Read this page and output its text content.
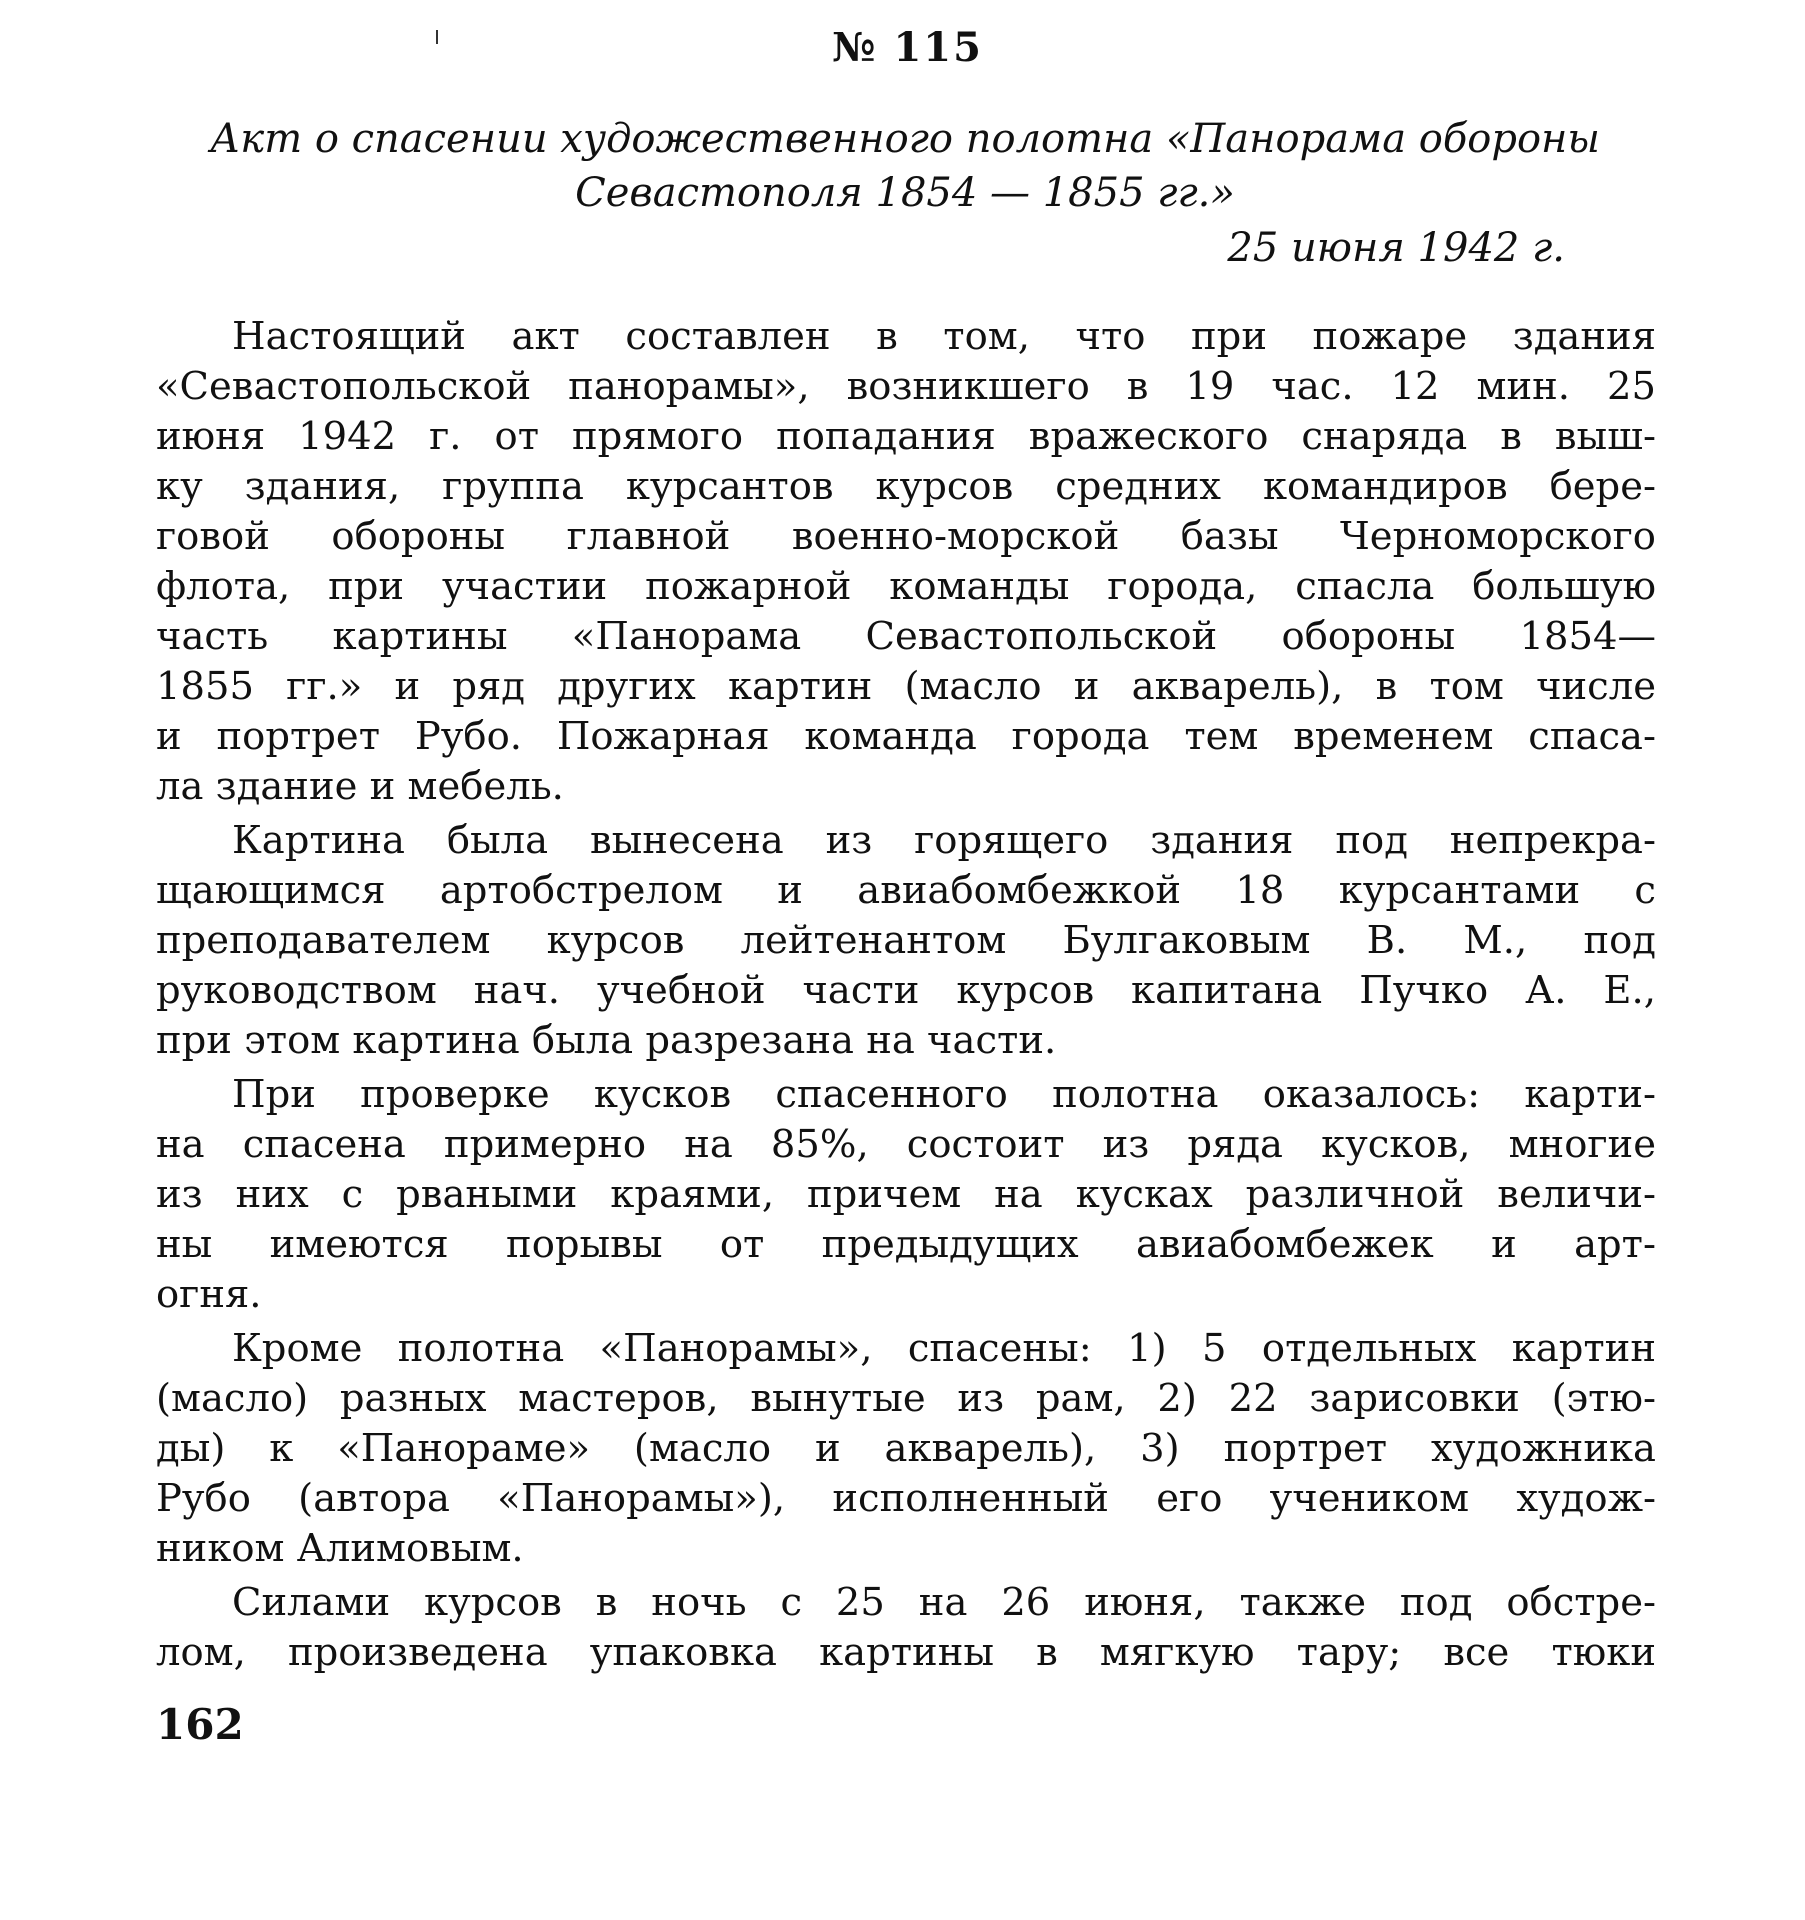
№ 115
Акт о спасении художественного полотна «Панорама обороны
Севастополя 1854 — 1855 гг.»
25 июня 1942 г.
Настоящий акт составлен в том, что при пожаре здания
«Севастопольской панорамы», возникшего в 19 час. 12 мин. 25
июня 1942 г. от прямого попадания вражеского снаряда в выш-
ку здания, группа курсантов курсов средних командиров бере-
говой обороны главной военно-морской базы Черноморского
флота, при участии пожарной команды города, спасла большую
часть картины «Панорама Севастопольской обороны 1854—
1855 гг.» и ряд других картин (масло и акварель), в том числе
и портрет Рубо. Пожарная команда города тем временем спаса-
ла здание и мебель.
Картина была вынесена из горящего здания под непрекра-
щающимся артобстрелом и авиабомбежкой 18 курсантами с
преподавателем курсов лейтенантом Булгаковым В. М., под
руководством нач. учебной части курсов капитана Пучко А. Е.,
при этом картина была разрезана на части.
При проверке кусков спасенного полотна оказалось: карти-
на спасена примерно на 85%, состоит из ряда кусков, многие
из них с рваными краями, причем на кусках различной величи-
ны имеются порывы от предыдущих авиабомбежек и арт-
огня.
Кроме полотна «Панорамы», спасены: 1) 5 отдельных картин
(масло) разных мастеров, вынутые из рам, 2) 22 зарисовки (этю-
ды) к «Панораме» (масло и акварель), 3) портрет художника
Рубо (автора «Панорамы»), исполненный его учеником худож-
ником Алимовым.
Силами курсов в ночь с 25 на 26 июня, также под обстре-
лом, произведена упаковка картины в мягкую тару; все тюки
162
